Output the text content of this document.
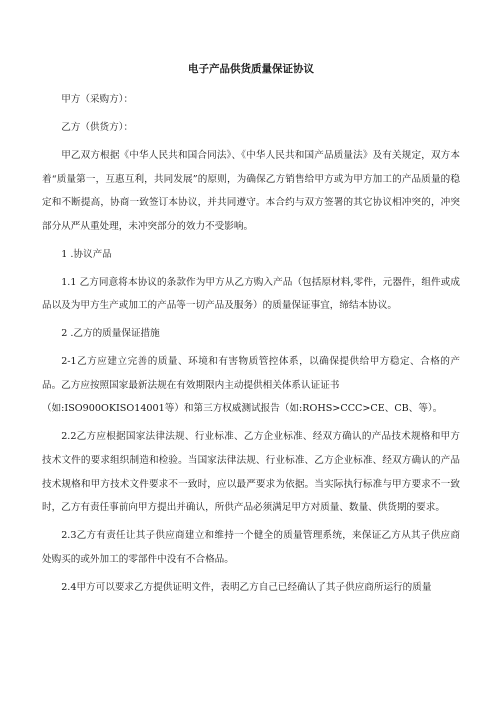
电子产品供货质量保证协议
甲方（采购方）：
乙方（供货方）：
甲乙双方根据《中华人民共和国合同法》、《中华人民共和国产品质量法》及有关规定，双方本着“质量第一，互惠互利，共同发展”的原则，为确保乙方销售给甲方或为甲方加工的产品质量的稳定和不断提高，协商一致签订本协议，并共同遵守。本合约与双方签署的其它协议相冲突的，冲突部分从严从重处理，未冲突部分的效力不受影响。
1 .协议产品
1.1 乙方同意将本协议的条款作为甲方从乙方购入产品（包括原材料,零件，元器件，组件或成品以及为甲方生产或加工的产品等一切产品及服务）的质量保证事宜，缔结本协议。
2 .乙方的质量保证措施
2-1乙方应建立完善的质量、环境和有害物质管控体系，以确保提供给甲方稳定、合格的产品。乙方应按照国家最新法规在有效期限内主动提供相关体系认证证书
（如:ISO900OKISO14001等）和第三方权威测试报告（如:ROHS>CCC>CE、CB、等）。
2.2乙方应根据国家法律法规、行业标准、乙方企业标准、经双方确认的产品技术规格和甲方技术文件的要求组织制造和检验。当国家法律法规、行业标准、乙方企业标准、经双方确认的产品技术规格和甲方技术文件要求不一致时，应以最严要求为依据。当实际执行标准与甲方要求不一致时，乙方有责任事前向甲方提出并确认，所供产品必须满足甲方对质量、数量、供货期的要求。
2.3乙方有责任让其子供应商建立和维持一个健全的质量管理系统，来保证乙方从其子供应商处购买的或外加工的零部件中没有不合格品。
2.4甲方可以要求乙方提供证明文件，表明乙方自己已经确认了其子供应商所运行的质量
